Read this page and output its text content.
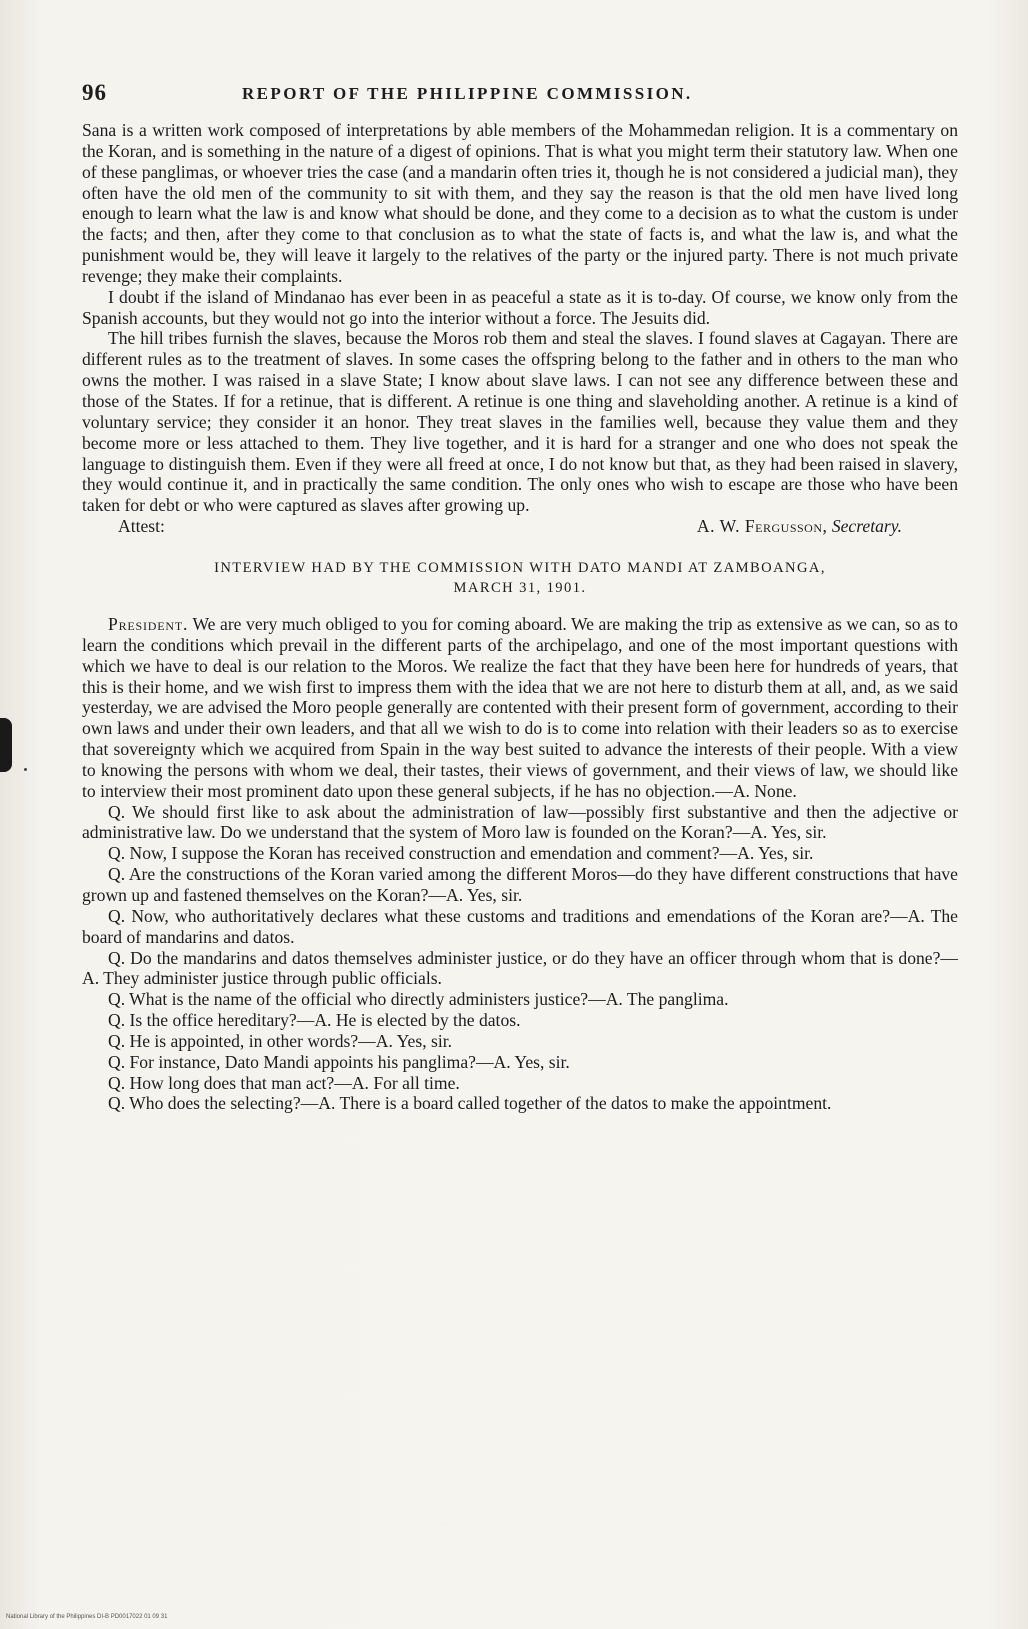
96	REPORT OF THE PHILIPPINE COMMISSION.

Sana is a written work composed of interpretations by able members of the Mohammedan religion. It is a commentary on the Koran, and is something in the nature of a digest of opinions. That is what you might term their statutory law. When one of these panglimas, or whoever tries the case (and a mandarin often tries it, though he is not considered a judicial man), they often have the old men of the community to sit with them, and they say the reason is that the old men have lived long enough to learn what the law is and know what should be done, and they come to a decision as to what the custom is under the facts; and then, after they come to that conclusion as to what the state of facts is, and what the law is, and what the punishment would be, they will leave it largely to the relatives of the party or the injured party. There is not much private revenge; they make their complaints.

I doubt if the island of Mindanao has ever been in as peaceful a state as it is to-day. Of course, we know only from the Spanish accounts, but they would not go into the interior without a force. The Jesuits did.

The hill tribes furnish the slaves, because the Moros rob them and steal the slaves. I found slaves at Cagayan. There are different rules as to the treatment of slaves. In some cases the offspring belong to the father and in others to the man who owns the mother. I was raised in a slave State; I know about slave laws. I can not see any difference between these and those of the States. If for a retinue, that is different. A retinue is one thing and slaveholding another. A retinue is a kind of voluntary service; they consider it an honor. They treat slaves in the families well, because they value them and they become more or less attached to them. They live together, and it is hard for a stranger and one who does not speak the language to distinguish them. Even if they were all freed at once, I do not know but that, as they had been raised in slavery, they would continue it, and in practically the same condition. The only ones who wish to escape are those who have been taken for debt or who were captured as slaves after growing up.

Attest:	A. W. Fergusson, Secretary.
INTERVIEW HAD BY THE COMMISSION WITH DATO MANDI AT ZAMBOANGA,
MARCH 31, 1901.

President. We are very much obliged to you for coming aboard. We are making the trip as extensive as we can, so as to learn the conditions which prevail in the different parts of the archipelago, and one of the most important questions with which we have to deal is our relation to the Moros. We realize the fact that they have been here for hundreds of years, that this is their home, and we wish first to impress them with the idea that we are not here to disturb them at all, and, as we said yesterday, we are advised the Moro people generally are contented with their present form of government, according to their own laws and under their own leaders, and that all we wish to do is to come into relation with their leaders so as to exercise that sovereignty which we acquired from Spain in the way best suited to advance the interests of their people. With a view to knowing the persons with whom we deal, their tastes, their views of government, and their views of law, we should like to interview their most prominent dato upon these general subjects, if he has no objection.—A. None.

Q. We should first like to ask about the administration of law—possibly first substantive and then the adjective or administrative law. Do we understand that the system of Moro law is founded on the Koran?—A. Yes, sir.

Q. Now, I suppose the Koran has received construction and emendation and comment?—A. Yes, sir.

Q. Are the constructions of the Koran varied among the different Moros—do they have different constructions that have grown up and fastened themselves on the Koran?—A. Yes, sir.

Q. Now, who authoritatively declares what these customs and traditions and emendations of the Koran are?—A. The board of mandarins and datos.

Q. Do the mandarins and datos themselves administer justice, or do they have an officer through whom that is done?—A. They administer justice through public officials.

Q. What is the name of the official who directly administers justice?—A. The panglima.

Q. Is the office hereditary?—A. He is elected by the datos.

Q. He is appointed, in other words?—A. Yes, sir.

Q. For instance, Dato Mandi appoints his panglima?—A. Yes, sir.

Q. How long does that man act?—A. For all time.

Q. Who does the selecting?—A. There is a board called together of the datos to make the appointment.

National Library of the Philippines DI-B PD0017022 01 09 31
